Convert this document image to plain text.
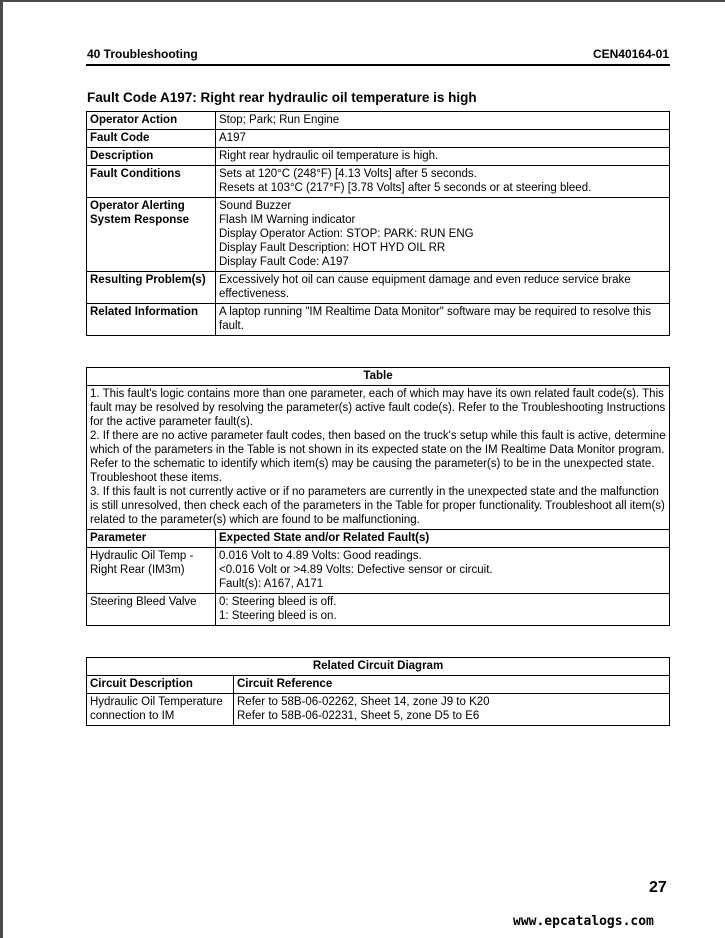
40 Troubleshooting	CEN40164-01
Fault Code A197: Right rear hydraulic oil temperature is high
Operator Action	Stop; Park; Run Engine

Fault Code	A197

Description	Right rear hydraulic oil temperature is high.

Fault Conditions	Sets at 120°C (248°F) [4.13 Volts] after 5 seconds.
Resets at 103°C (217°F) [3.78 Volts] after 5 seconds or at steering bleed.

Operator Alerting
System Response	Sound Buzzer
Flash IM Warning indicator
Display Operator Action: STOP: PARK: RUN ENG
Display Fault Description: HOT HYD OIL RR
Display Fault Code: A197

Resulting Problem(s)	Excessively hot oil can cause equipment damage and even reduce service brake effectiveness.

Related Information	A laptop running "IM Realtime Data Monitor" software may be required to resolve this fault.
Table	

1. This fault's logic contains more than one parameter, each of which may have its own related fault code(s). This fault may be resolved by resolving the parameter(s) active fault code(s). Refer to the Troubleshooting Instructions for the active parameter fault(s).
2. If there are no active parameter fault codes, then based on the truck's setup while this fault is active, determine which of the parameters in the Table is not shown in its expected state on the IM Realtime Data Monitor program. Refer to the schematic to identify which item(s) may be causing the parameter(s) to be in the unexpected state. Troubleshoot these items.
3. If this fault is not currently active or if no parameters are currently in the unexpected state and the malfunction is still unresolved, then check each of the parameters in the Table for proper functionality. Troubleshoot all item(s) related to the parameter(s) which are found to be malfunctioning.	

Parameter	Expected State and/or Related Fault(s)

Hydraulic Oil Temp -
Right Rear (IM3m)	0.016 Volt to 4.89 Volts: Good readings.
<0.016 Volt or >4.89 Volts: Defective sensor or circuit.
Fault(s): A167, A171

Steering Bleed Valve	0: Steering bleed is off.
1: Steering bleed is on.
Related Circuit Diagram	
Circuit Description	Circuit Reference

Hydraulic Oil Temperature
connection to IM	Refer to 58B-06-02262, Sheet 14, zone J9 to K20
Refer to 58B-06-02231, Sheet 5, zone D5 to E6
27
www.epcatalogs.com
